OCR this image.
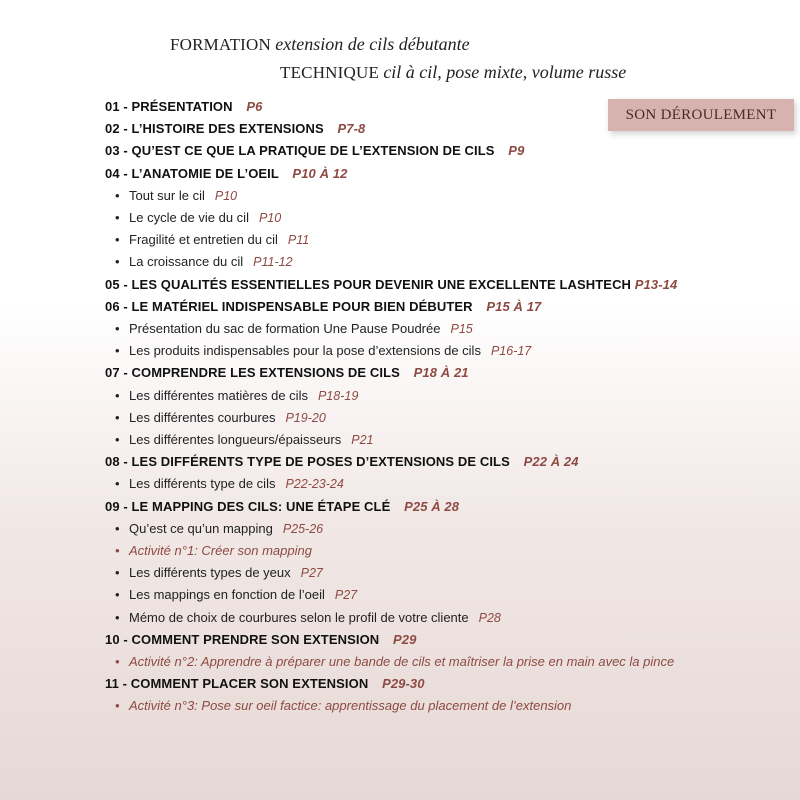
FORMATION extension de cils débutante
TECHNIQUE cil à cil, pose mixte, volume russe
SON DÉROULEMENT
01 - PRÉSENTATION P6
02 - L’HISTOIRE DES EXTENSIONS P7-8
03 - QU’EST CE QUE LA PRATIQUE DE L’EXTENSION DE CILS P9
04 - L’ANATOMIE DE L’OEIL P10 À 12
• Tout sur le cil P10
• Le cycle de vie du cil P10
• Fragilité et entretien du cil P11
• La croissance du cil P11-12
05 - LES QUALITÉS ESSENTIELLES POUR DEVENIR UNE EXCELLENTE LASHTECH P13-14
06 - LE MATÉRIEL INDISPENSABLE POUR BIEN DÉBUTER P15 À 17
• Présentation du sac de formation Une Pause Poudrée P15
• Les produits indispensables pour la pose d’extensions de cils P16-17
07 - COMPRENDRE LES EXTENSIONS DE CILS P18 À 21
• Les différentes matières de cils P18-19
• Les différentes courbures P19-20
• Les différentes longueurs/épaisseurs P21
08 - LES DIFFÉRENTS TYPE DE POSES D’EXTENSIONS DE CILS P22 À 24
• Les différents type de cils P22-23-24
09 - LE MAPPING DES CILS: UNE ÉTAPE CLÉ P25 À 28
• Qu’est ce qu’un mapping P25-26
• Activité n°1: Créer son mapping
• Les différents types de yeux P27
• Les mappings en fonction de l’oeil P27
• Mémo de choix de courbures selon le profil de votre cliente P28
10 - COMMENT PRENDRE SON EXTENSION P29
• Activité n°2: Apprendre à préparer une bande de cils et maîtriser la prise en main avec la pince
11 - COMMENT PLACER SON EXTENSION P29-30
• Activité n°3: Pose sur oeil factice: apprentissage du placement de l’extension
